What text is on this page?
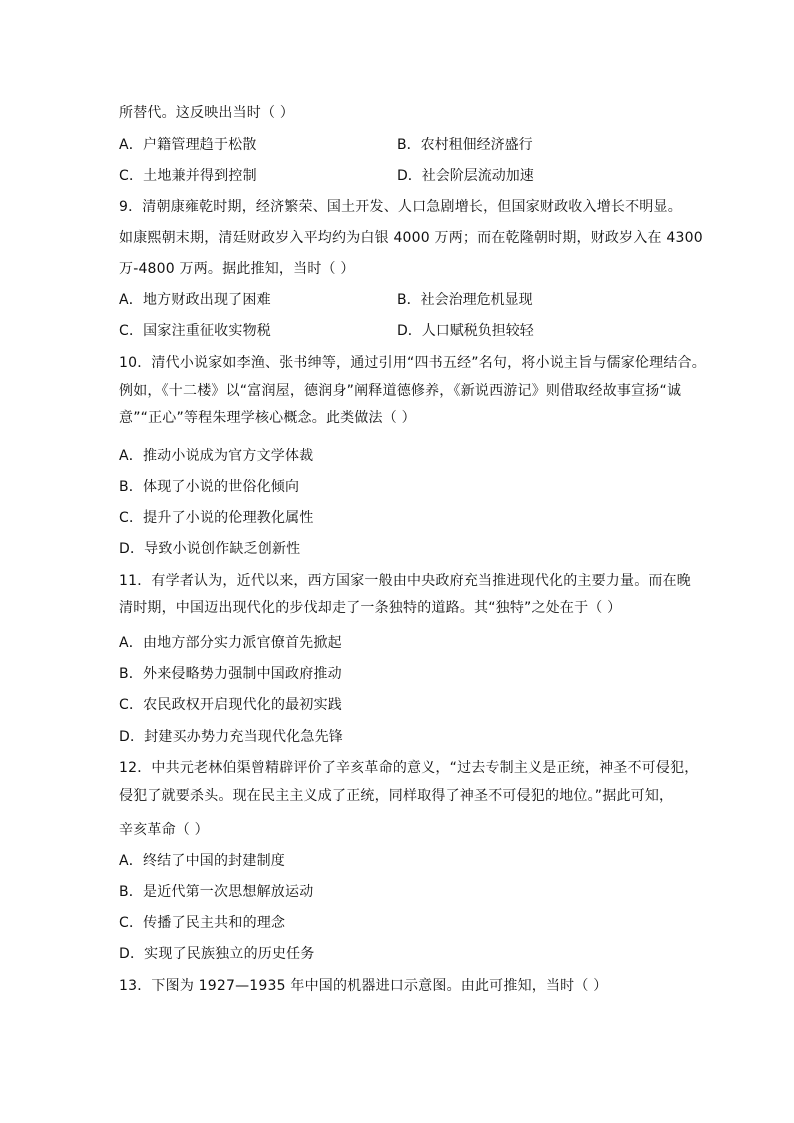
所替代。这反映出当时（ ）
A．户籍管理趋于松散	B．农村租佃经济盛行
C．土地兼并得到控制	D．社会阶层流动加速
9．清朝康雍乾时期，经济繁荣、国土开发、人口急剧增长，但国家财政收入增长不明显。
如康熙朝末期，清廷财政岁入平均约为白银 4000 万两；而在乾隆朝时期，财政岁入在 4300
万-4800 万两。据此推知，当时（ ）
A．地方财政出现了困难	B．社会治理危机显现
C．国家注重征收实物税	D．人口赋税负担较轻
10．清代小说家如李渔、张书绅等，通过引用“四书五经”名句，将小说主旨与儒家伦理结合。
例如，《十二楼》以“富润屋，德润身”阐释道德修养，《新说西游记》则借取经故事宣扬“诚
意”“正心”等程朱理学核心概念。此类做法（ ）
A．推动小说成为官方文学体裁
B．体现了小说的世俗化倾向
C．提升了小说的伦理教化属性
D．导致小说创作缺乏创新性
11．有学者认为，近代以来，西方国家一般由中央政府充当推进现代化的主要力量。而在晚
清时期，中国迈出现代化的步伐却走了一条独特的道路。其“独特”之处在于（ ）
A．由地方部分实力派官僚首先掀起
B．外来侵略势力强制中国政府推动
C．农民政权开启现代化的最初实践
D．封建买办势力充当现代化急先锋
12．中共元老林伯渠曾精辟评价了辛亥革命的意义，“过去专制主义是正统，神圣不可侵犯，
侵犯了就要杀头。现在民主主义成了正统，同样取得了神圣不可侵犯的地位。”据此可知，
辛亥革命（ ）
A．终结了中国的封建制度
B．是近代第一次思想解放运动
C．传播了民主共和的理念
D．实现了民族独立的历史任务
13．下图为 1927—1935 年中国的机器进口示意图。由此可推知，当时（ ）
